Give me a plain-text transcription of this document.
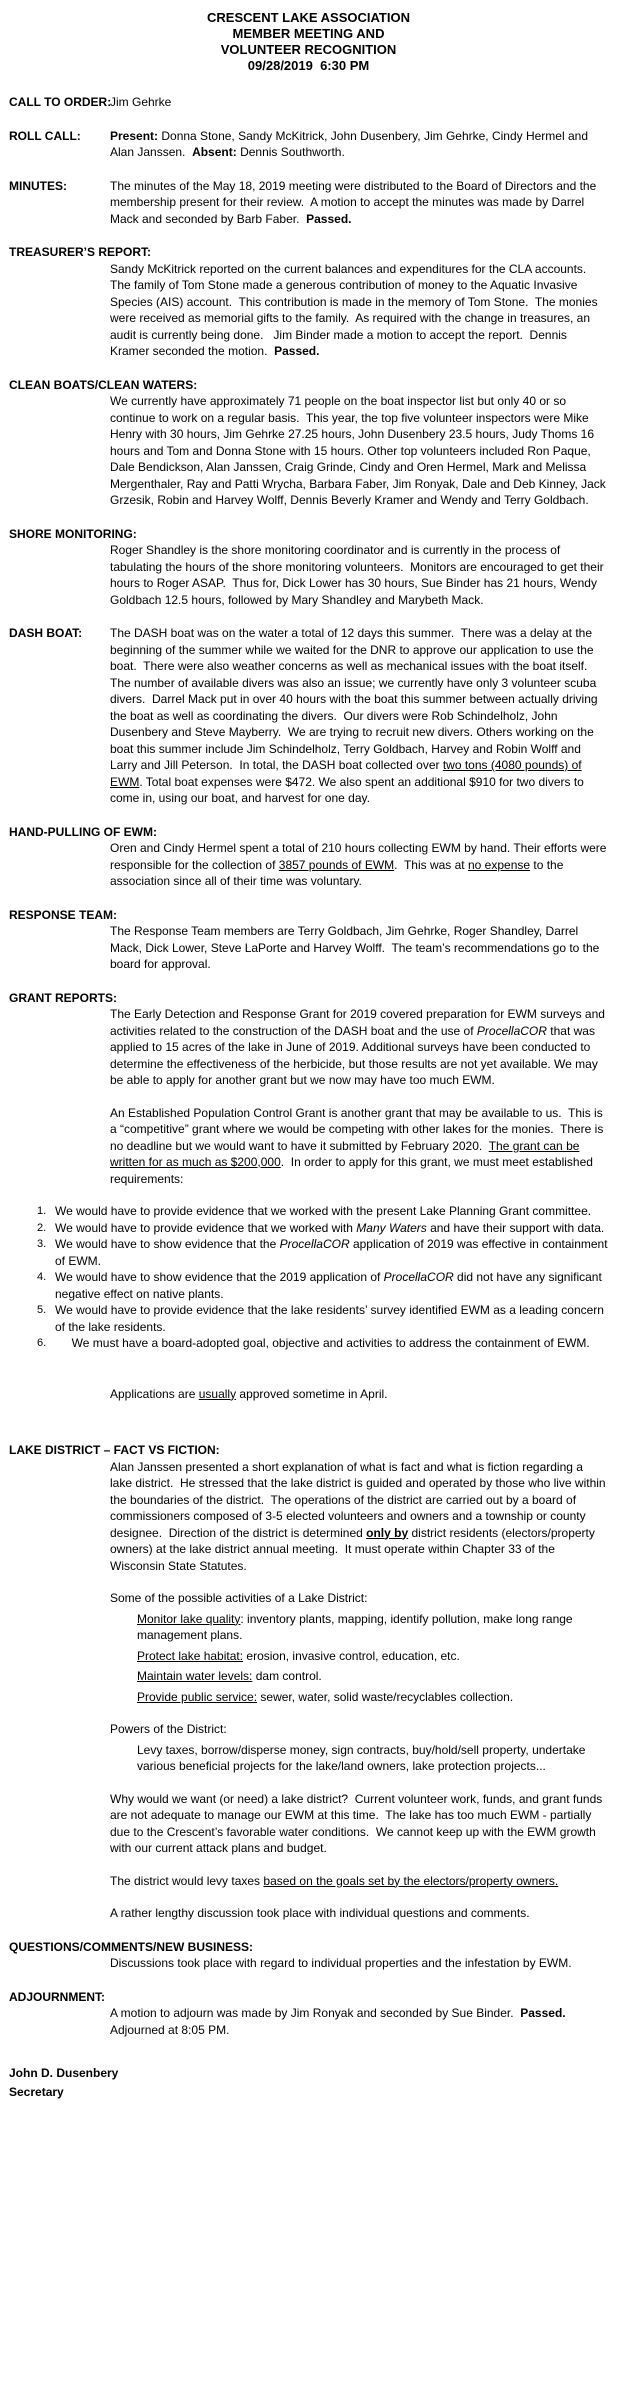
CRESCENT LAKE ASSOCIATION
MEMBER MEETING AND
VOLUNTEER RECOGNITION
09/28/2019  6:30 PM
CALL TO ORDER:
Jim Gehrke
ROLL CALL: Present: Donna Stone, Sandy McKitrick, John Dusenbery, Jim Gehrke, Cindy Hermel and Alan Janssen.  Absent: Dennis Southworth.
MINUTES:	The minutes of the May 18, 2019 meeting were distributed to the Board of Directors and the membership present for their review.  A motion to accept the minutes was made by Darrel Mack and seconded by Barb Faber.  Passed.
TREASURER’S REPORT:
Sandy McKitrick reported on the current balances and expenditures for the CLA accounts.  The family of Tom Stone made a generous contribution of money to the Aquatic Invasive Species (AIS) account.  This contribution is made in the memory of Tom Stone.  The monies were received as memorial gifts to the family.  As required with the change in treasures, an audit is currently being done.   Jim Binder made a motion to accept the report.  Dennis Kramer seconded the motion.  Passed.
CLEAN BOATS/CLEAN WATERS:
We currently have approximately 71 people on the boat inspector list but only 40 or so continue to work on a regular basis.  This year, the top five volunteer inspectors were Mike Henry with 30 hours, Jim Gehrke 27.25 hours, John Dusenbery 23.5 hours, Judy Thoms 16 hours and Tom and Donna Stone with 15 hours. Other top volunteers included Ron Paque, Dale Bendickson, Alan Janssen, Craig Grinde, Cindy and Oren Hermel, Mark and Melissa Mergenthaler, Ray and Patti Wrycha, Barbara Faber, Jim Ronyak, Dale and Deb Kinney, Jack Grzesik, Robin and Harvey Wolff, Dennis Beverly Kramer and Wendy and Terry Goldbach.
SHORE MONITORING:
Roger Shandley is the shore monitoring coordinator and is currently in the process of tabulating the hours of the shore monitoring volunteers.  Monitors are encouraged to get their hours to Roger ASAP.  Thus for, Dick Lower has 30 hours, Sue Binder has 21 hours, Wendy Goldbach 12.5 hours, followed by Mary Shandley and Marybeth Mack.
DASH BOAT: The DASH boat was on the water a total of 12 days this summer.  There was a delay at the beginning of the summer while we waited for the DNR to approve our application to use the boat.  There were also weather concerns as well as mechanical issues with the boat itself.  The number of available divers was also an issue; we currently have only 3 volunteer scuba divers.  Darrel Mack put in over 40 hours with the boat this summer between actually driving the boat as well as coordinating the divers.  Our divers were Rob Schindelholz, John Dusenbery and Steve Mayberry.  We are trying to recruit new divers. Others working on the boat this summer include Jim Schindelholz, Terry Goldbach, Harvey and Robin Wolff and Larry and Jill Peterson.  In total, the DASH boat collected over two tons (4080 pounds) of EWM. Total boat expenses were $472. We also spent an additional $910 for two divers to come in, using our boat, and harvest for one day.
HAND-PULLING OF EWM:
Oren and Cindy Hermel spent a total of 210 hours collecting EWM by hand. Their efforts were responsible for the collection of 3857 pounds of EWM.  This was at no expense to the association since all of their time was voluntary.
RESPONSE TEAM:
The Response Team members are Terry Goldbach, Jim Gehrke, Roger Shandley, Darrel Mack, Dick Lower, Steve LaPorte and Harvey Wolff.  The team’s recommendations go to the board for approval.
GRANT REPORTS:
The Early Detection and Response Grant for 2019 covered preparation for EWM surveys and activities related to the construction of the DASH boat and the use of ProcellaCOR that was applied to 15 acres of the lake in June of 2019. Additional surveys have been conducted to determine the effectiveness of the herbicide, but those results are not yet available. We may be able to apply for another grant but we now may have too much EWM.
An Established Population Control Grant is another grant that may be available to us.  This is a “competitive” grant where we would be competing with other lakes for the monies.  There is no deadline but we would want to have it submitted by February 2020.  The grant can be written for as much as $200,000.  In order to apply for this grant, we must meet established requirements:
1. We would have to provide evidence that we worked with the present Lake Planning Grant committee.
2. We would have to provide evidence that we worked with Many Waters and have their support with data.
3. We would have to show evidence that the ProcellaCOR application of 2019 was effective in containment of EWM.
4. We would have to show evidence that the 2019 application of ProcellaCOR did not have any significant negative effect on native plants.
5. We would have to provide evidence that the lake residents’ survey identified EWM as a leading concern of the lake residents.
6. We must have a board-adopted goal, objective and activities to address the containment of EWM.
Applications are usually approved sometime in April.
LAKE DISTRICT – FACT VS FICTION:
Alan Janssen presented a short explanation of what is fact and what is fiction regarding a lake district.  He stressed that the lake district is guided and operated by those who live within the boundaries of the district.  The operations of the district are carried out by a board of commissioners composed of 3-5 elected volunteers and owners and a township or county designee.  Direction of the district is determined only by district residents (electors/property owners) at the lake district annual meeting.  It must operate within Chapter 33 of the Wisconsin State Statutes.
Some of the possible activities of a Lake District:
Monitor lake quality: inventory plants, mapping, identify pollution, make long range management plans.
Protect lake habitat: erosion, invasive control, education, etc.
Maintain water levels: dam control.
Provide public service: sewer, water, solid waste/recyclables collection.
Powers of the District:
Levy taxes, borrow/disperse money, sign contracts, buy/hold/sell property, undertake various beneficial projects for the lake/land owners, lake protection projects...
Why would we want (or need) a lake district?  Current volunteer work, funds, and grant funds are not adequate to manage our EWM at this time.  The lake has too much EWM - partially due to the Crescent’s favorable water conditions.  We cannot keep up with the EWM growth with our current attack plans and budget.
The district would levy taxes based on the goals set by the electors/property owners.
A rather lengthy discussion took place with individual questions and comments.
QUESTIONS/COMMENTS/NEW BUSINESS:
Discussions took place with regard to individual properties and the infestation by EWM.
ADJOURNMENT:
A motion to adjourn was made by Jim Ronyak and seconded by Sue Binder.  Passed.  Adjourned at 8:05 PM.
John D. Dusenbery
Secretary
